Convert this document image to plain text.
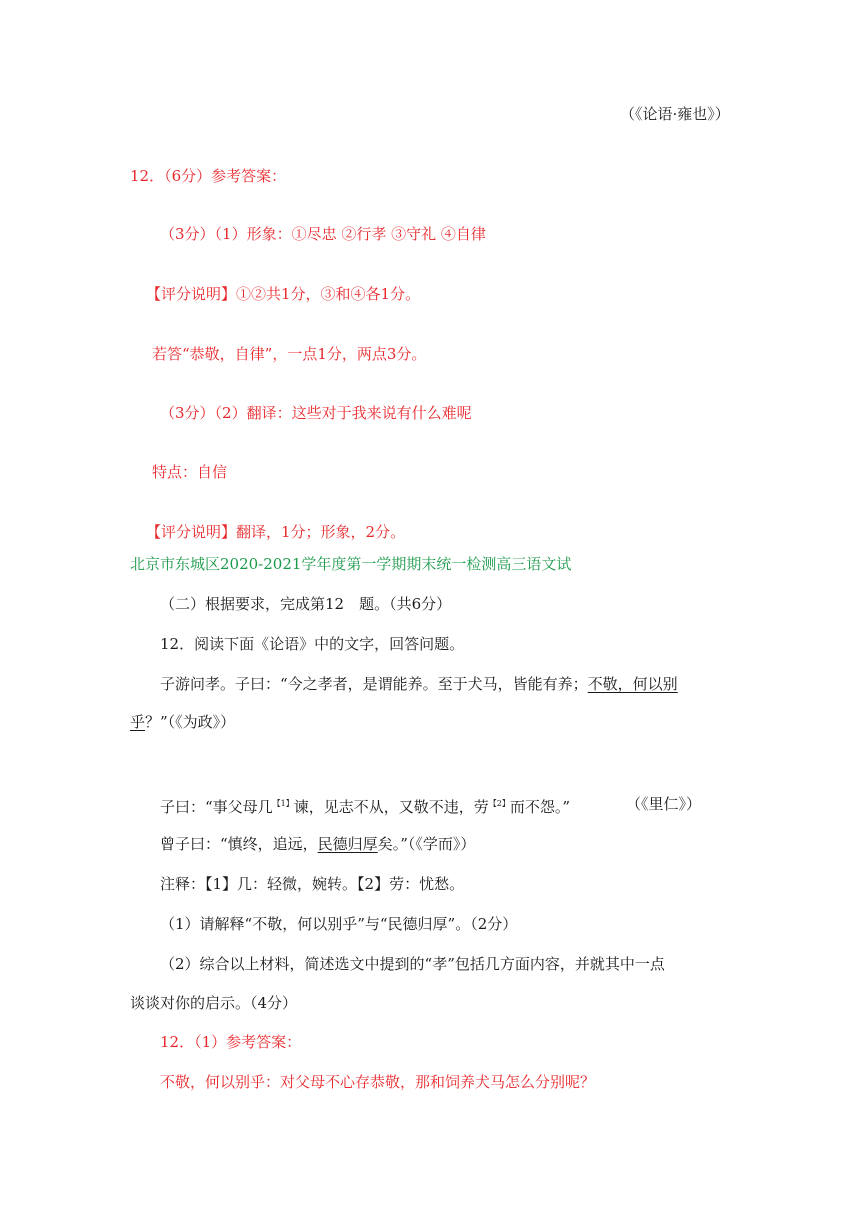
（《论语·雍也》）
12．（6分）参考答案：
（3分）（1）形象：①尽忠 ②行孝 ③守礼 ④自律
【评分说明】①②共1分，③和④各1分。
若答“恭敬，自律”，一点1分，两点3分。
（3分）（2）翻译：这些对于我来说有什么难呢
特点：自信
【评分说明】翻译，1分；形象，2分。
北京市东城区2020-2021学年度第一学期期末统一检测高三语文试
（二）根据要求，完成第12　题。（共6分）
12．阅读下面《论语》中的文字，回答问题。
子游问孝。子曰：“今之孝者，是谓能养。至于犬马，皆能有养；不敬，何以别
乎？”（《为政》）
子曰：“事父母几$^{【1】}$谏，见志不从，又敬不违，劳$^{【2】}$而不怨。”	（《里仁》）
曾子曰：“慎终，追远，民德归厚矣。”（《学而》）
注释：【1】几：轻微，婉转。【2】劳：忧愁。
（1）请解释“不敬，何以别乎”与“民德归厚”。（2分）
（2）综合以上材料，简述选文中提到的“孝”包括几方面内容，并就其中一点
谈谈对你的启示。（4分）
12．（1）参考答案：
不敬，何以别乎：对父母不心存恭敬，那和饲养犬马怎么分别呢？
